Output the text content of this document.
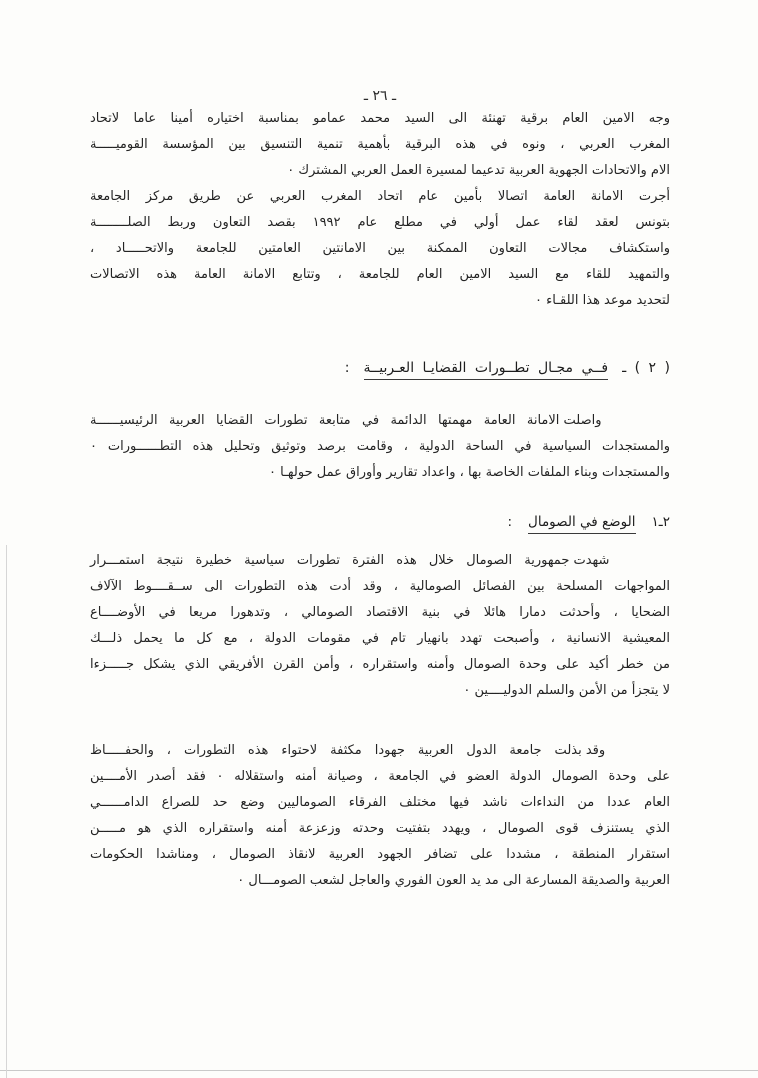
ـ ٢٦ ـ
وجه الامين العام برقية تهنئة الى السيد محمد عمامو بمناسبة اختياره أمينا عاما لاتحاد
المغرب العربي ، ونوه في هذه البرقية بأهمية تنمية التنسيق بين المؤسسة القوميـــــة
الام والاتحادات الجهوية العربية تدعيما لمسيرة العمل العربي المشترك ٠
أجرت الامانة العامة اتصالا بأمين عام اتحاد المغرب العربي عن طريق مركز الجامعة
بتونس لعقد لقاء عمل أولي في مطلع عام ١٩٩٢ بقصد التعاون وربط الصلــــــــة
واستكشاف مجالات التعاون الممكنة بين الامانتين العامتين للجامعة والاتحـــــاد ،
والتمهيد للقاء مع السيد الامين العام للجامعة ، وتتابع الامانة العامة هذه الاتصالات
لتحديد موعد هذا اللقـاء ٠
( ٢ ) ـ
فــي مجـال تطــورات القضايـا العـربيــة
:
واصلت الامانة العامة مهمتها الدائمة في متابعة تطورات القضايا العربية الرئيسيــــــة
والمستجدات السياسية في الساحة الدولية ، وقامت برصد وتوثيق وتحليل هذه التطــــــورات ٠
والمستجدات وبناء الملفات الخاصة بها ، واعداد تقارير وأوراق عمل حولهـا ٠
٢ـ١
الوضع في الصومال
:
شهدت جمهورية الصومال خلال هذه الفترة تطورات سياسية خطيرة نتيجة استمـــرار
المواجهات المسلحة بين الفصائل الصومالية ، وقد أدت هذه التطورات الى ســقــــوط الآلاف
الضحايا ، وأحدثت دمارا هائلا في بنية الاقتصاد الصومالي ، وتدهورا مريعا في الأوضــــاع
المعيشية الانسانية ، وأصبحت تهدد بانهيار تام في مقومات الدولة ، مع كل ما يحمل ذلـــك
من خطر أكيد على وحدة الصومال وأمنه واستقراره ، وأمن القرن الأفريقي الذي يشكل جـــــزءا
لا يتجزأ من الأمن والسلم الدوليــــين ٠
وقد بذلت جامعة الدول العربية جهودا مكثفة لاحتواء هذه التطورات ، والحفـــــاظ
على وحدة الصومال الدولة العضو في الجامعة ، وصيانة أمنه واستقلاله ٠ فقد أصدر الأمــــين
العام عددا من النداءات ناشد فيها مختلف الفرقاء الصوماليين وضع حد للصراع الدامــــــي
الذي يستنزف قوى الصومال ، ويهدد بتفتيت وحدته وزعزعة أمنه واستقراره الذي هو مـــــن
استقرار المنطقة ، مشددا على تضافر الجهود العربية لانقاذ الصومال ، ومناشدا الحكومات
العربية والصديقة المسارعة الى مد يد العون الفوري والعاجل لشعب الصومـــال ٠
